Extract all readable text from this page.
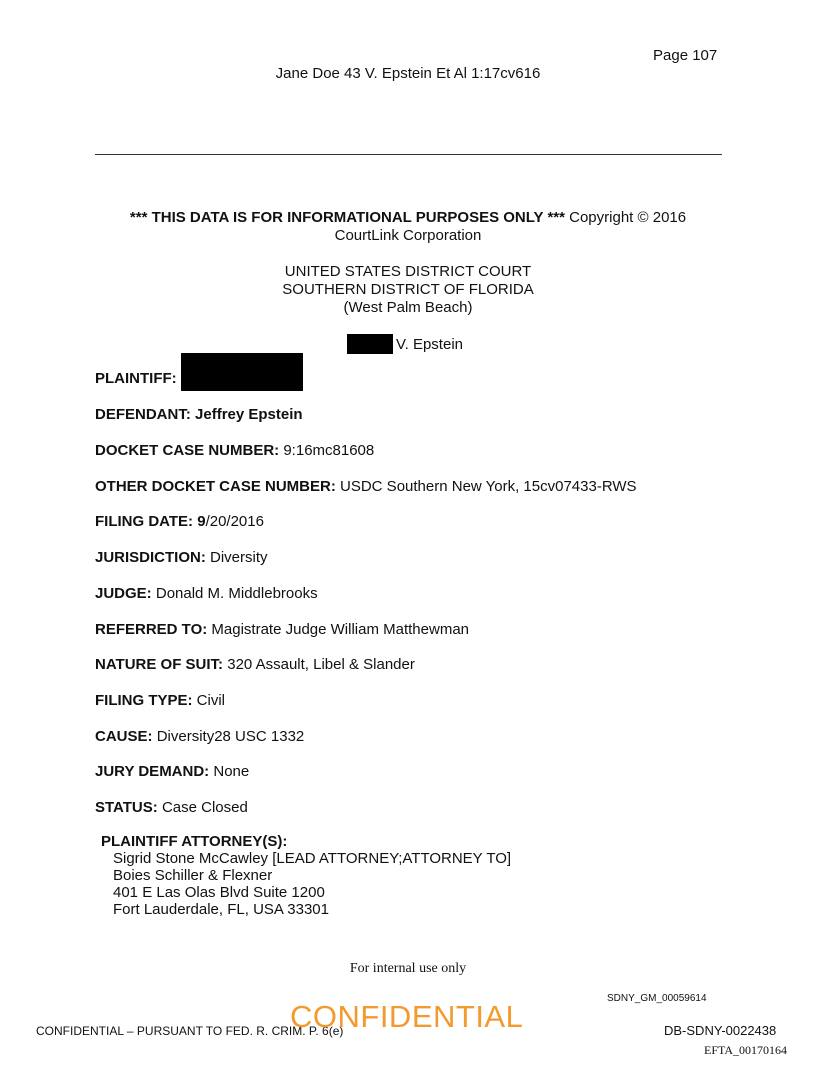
Page 107
Jane Doe 43 V. Epstein Et Al 1:17cv616
*** THIS DATA IS FOR INFORMATIONAL PURPOSES ONLY *** Copyright © 2016
CourtLink Corporation
UNITED STATES DISTRICT COURT
SOUTHERN DISTRICT OF FLORIDA
(West Palm Beach)
V. Epstein
PLAINTIFF:
DEFENDANT: Jeffrey Epstein
DOCKET CASE NUMBER: 9:16mc81608
OTHER DOCKET CASE NUMBER: USDC Southern New York, 15cv07433-RWS
FILING DATE: 9/20/2016
JURISDICTION: Diversity
JUDGE: Donald M. Middlebrooks
REFERRED TO: Magistrate Judge William Matthewman
NATURE OF SUIT: 320 Assault, Libel & Slander
FILING TYPE: Civil
CAUSE: Diversity28 USC 1332
JURY DEMAND: None
STATUS: Case Closed
PLAINTIFF ATTORNEY(S):
Sigrid Stone McCawley [LEAD ATTORNEY;ATTORNEY TO]
Boies Schiller & Flexner
401 E Las Olas Blvd Suite 1200
Fort Lauderdale, FL, USA 33301
For internal use only
SDNY_GM_00059614
CONFIDENTIAL – PURSUANT TO FED. R. CRIM. P. 6(e)
CONFIDENTIAL	DB-SDNY-0022438
EFTA_00170164
